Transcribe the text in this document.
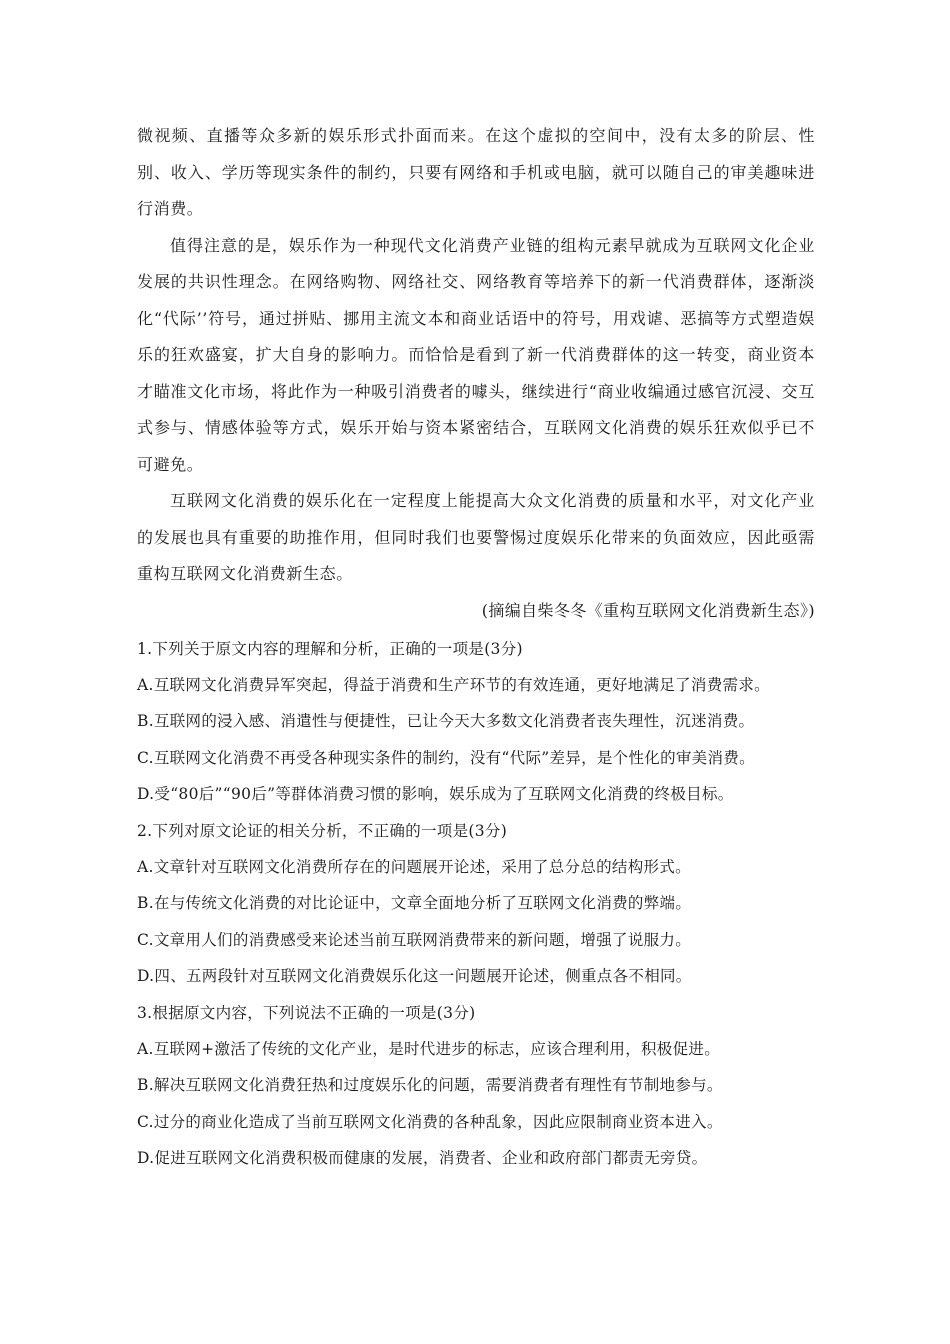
微视频、直播等众多新的娱乐形式扑面而来。在这个虚拟的空间中，没有太多的阶层、性别、收入、学历等现实条件的制约，只要有网络和手机或电脑，就可以随自己的审美趣味进行消费。

值得注意的是，娱乐作为一种现代文化消费产业链的组构元素早就成为互联网文化企业发展的共识性理念。在网络购物、网络社交、网络教育等培养下的新一代消费群体，逐渐淡化“代际’’符号，通过拼贴、挪用主流文本和商业话语中的符号，用戏谑、恶搞等方式塑造娱乐的狂欢盛宴，扩大自身的影响力。而恰恰是看到了新一代消费群体的这一转变，商业资本才瞄准文化市场，将此作为一种吸引消费者的噱头，继续进行“商业收编通过感官沉浸、交互式参与、情感体验等方式，娱乐开始与资本紧密结合，互联网文化消费的娱乐狂欢似乎已不可避免。

互联网文化消费的娱乐化在一定程度上能提高大众文化消费的质量和水平，对文化产业的发展也具有重要的助推作用，但同时我们也要警惕过度娱乐化带来的负面效应，因此亟需重构互联网文化消费新生态。

(摘编自柴冬冬《重构互联网文化消费新生态》)

1.下列关于原文内容的理解和分析，正确的一项是(3分)

A.互联网文化消费异军突起，得益于消费和生产环节的有效连通，更好地满足了消费需求。

B.互联网的浸入感、消遣性与便捷性，已让今天大多数文化消费者丧失理性，沉迷消费。

C.互联网文化消费不再受各种现实条件的制约，没有“代际”差异，是个性化的审美消费。

D.受“80后”“90后”等群体消费习惯的影响，娱乐成为了互联网文化消费的终极目标。

2.下列对原文论证的相关分析，不正确的一项是(3分)

A.文章针对互联网文化消费所存在的问题展开论述，采用了总分总的结构形式。

B.在与传统文化消费的对比论证中，文章全面地分析了互联网文化消费的弊端。

C.文章用人们的消费感受来论述当前互联网消费带来的新问题，增强了说服力。

D.四、五两段针对互联网文化消费娱乐化这一问题展开论述，侧重点各不相同。

3.根据原文内容，下列说法不正确的一项是(3分)

A.互联网+激活了传统的文化产业，是时代进步的标志，应该合理利用，积极促进。

B.解决互联网文化消费狂热和过度娱乐化的问题，需要消费者有理性有节制地参与。

C.过分的商业化造成了当前互联网文化消费的各种乱象，因此应限制商业资本进入。

D.促进互联网文化消费积极而健康的发展，消费者、企业和政府部门都责无旁贷。
